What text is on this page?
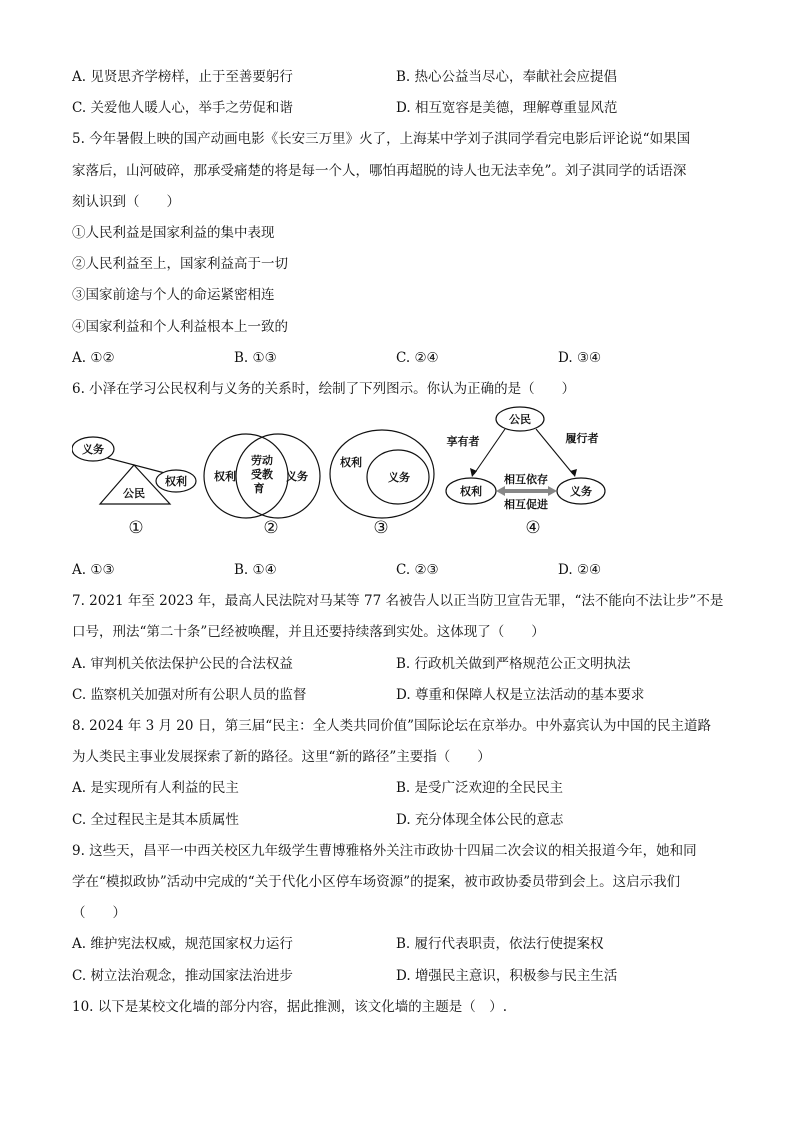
A. 见贤思齐学榜样，止于至善要躬行	B. 热心公益当尽心，奉献社会应提倡
C. 关爱他人暖人心，举手之劳促和谐	D. 相互宽容是美德，理解尊重显风范
5. 今年暑假上映的国产动画电影《长安三万里》火了，上海某中学刘子淇同学看完电影后评论说“如果国
家落后，山河破碎，那承受痛楚的将是每一个人，哪怕再超脱的诗人也无法幸免”。刘子淇同学的话语深
刻认识到（　　）
①人民利益是国家利益的集中表现
②人民利益至上，国家利益高于一切
③国家前途与个人的命运紧密相连
④国家利益和个人利益根本上一致的
A. ①②	B. ①③	C. ②④	D. ③④
6. 小泽在学习公民权利与义务的关系时，绘制了下列图示。你认为正确的是（　　）
义务
权利
公民
①
权利
劳动
受教
育
义务
②
权利
义务
③
公民
享有者	履行者
权利	义务
相互依存
相互促进
④
A. ①③	B. ①④	C. ②③	D. ②④
7. 2021 年至 2023 年，最高人民法院对马某等 77 名被告人以正当防卫宣告无罪，“法不能向不法让步”不是
口号，刑法“第二十条”已经被唤醒，并且还要持续落到实处。这体现了（　　）
A. 审判机关依法保护公民的合法权益	B. 行政机关做到严格规范公正文明执法
C. 监察机关加强对所有公职人员的监督	D. 尊重和保障人权是立法活动的基本要求
8. 2024 年 3 月 20 日，第三届“民主：全人类共同价值”国际论坛在京举办。中外嘉宾认为中国的民主道路
为人类民主事业发展探索了新的路径。这里“新的路径”主要指（　　）
A. 是实现所有人利益的民主	B. 是受广泛欢迎的全民民主
C. 全过程民主是其本质属性	D. 充分体现全体公民的意志
9. 这些天，昌平一中西关校区九年级学生曹博雅格外关注市政协十四届二次会议的相关报道今年，她和同
学在“模拟政协”活动中完成的“关于代化小区停车场资源”的提案，被市政协委员带到会上。这启示我们
（　　）
A. 维护宪法权威，规范国家权力运行	B. 履行代表职责，依法行使提案权
C. 树立法治观念，推动国家法治进步	D. 增强民主意识，积极参与民主生活
10. 以下是某校文化墙的部分内容，据此推测，该文化墙的主题是（　）.
